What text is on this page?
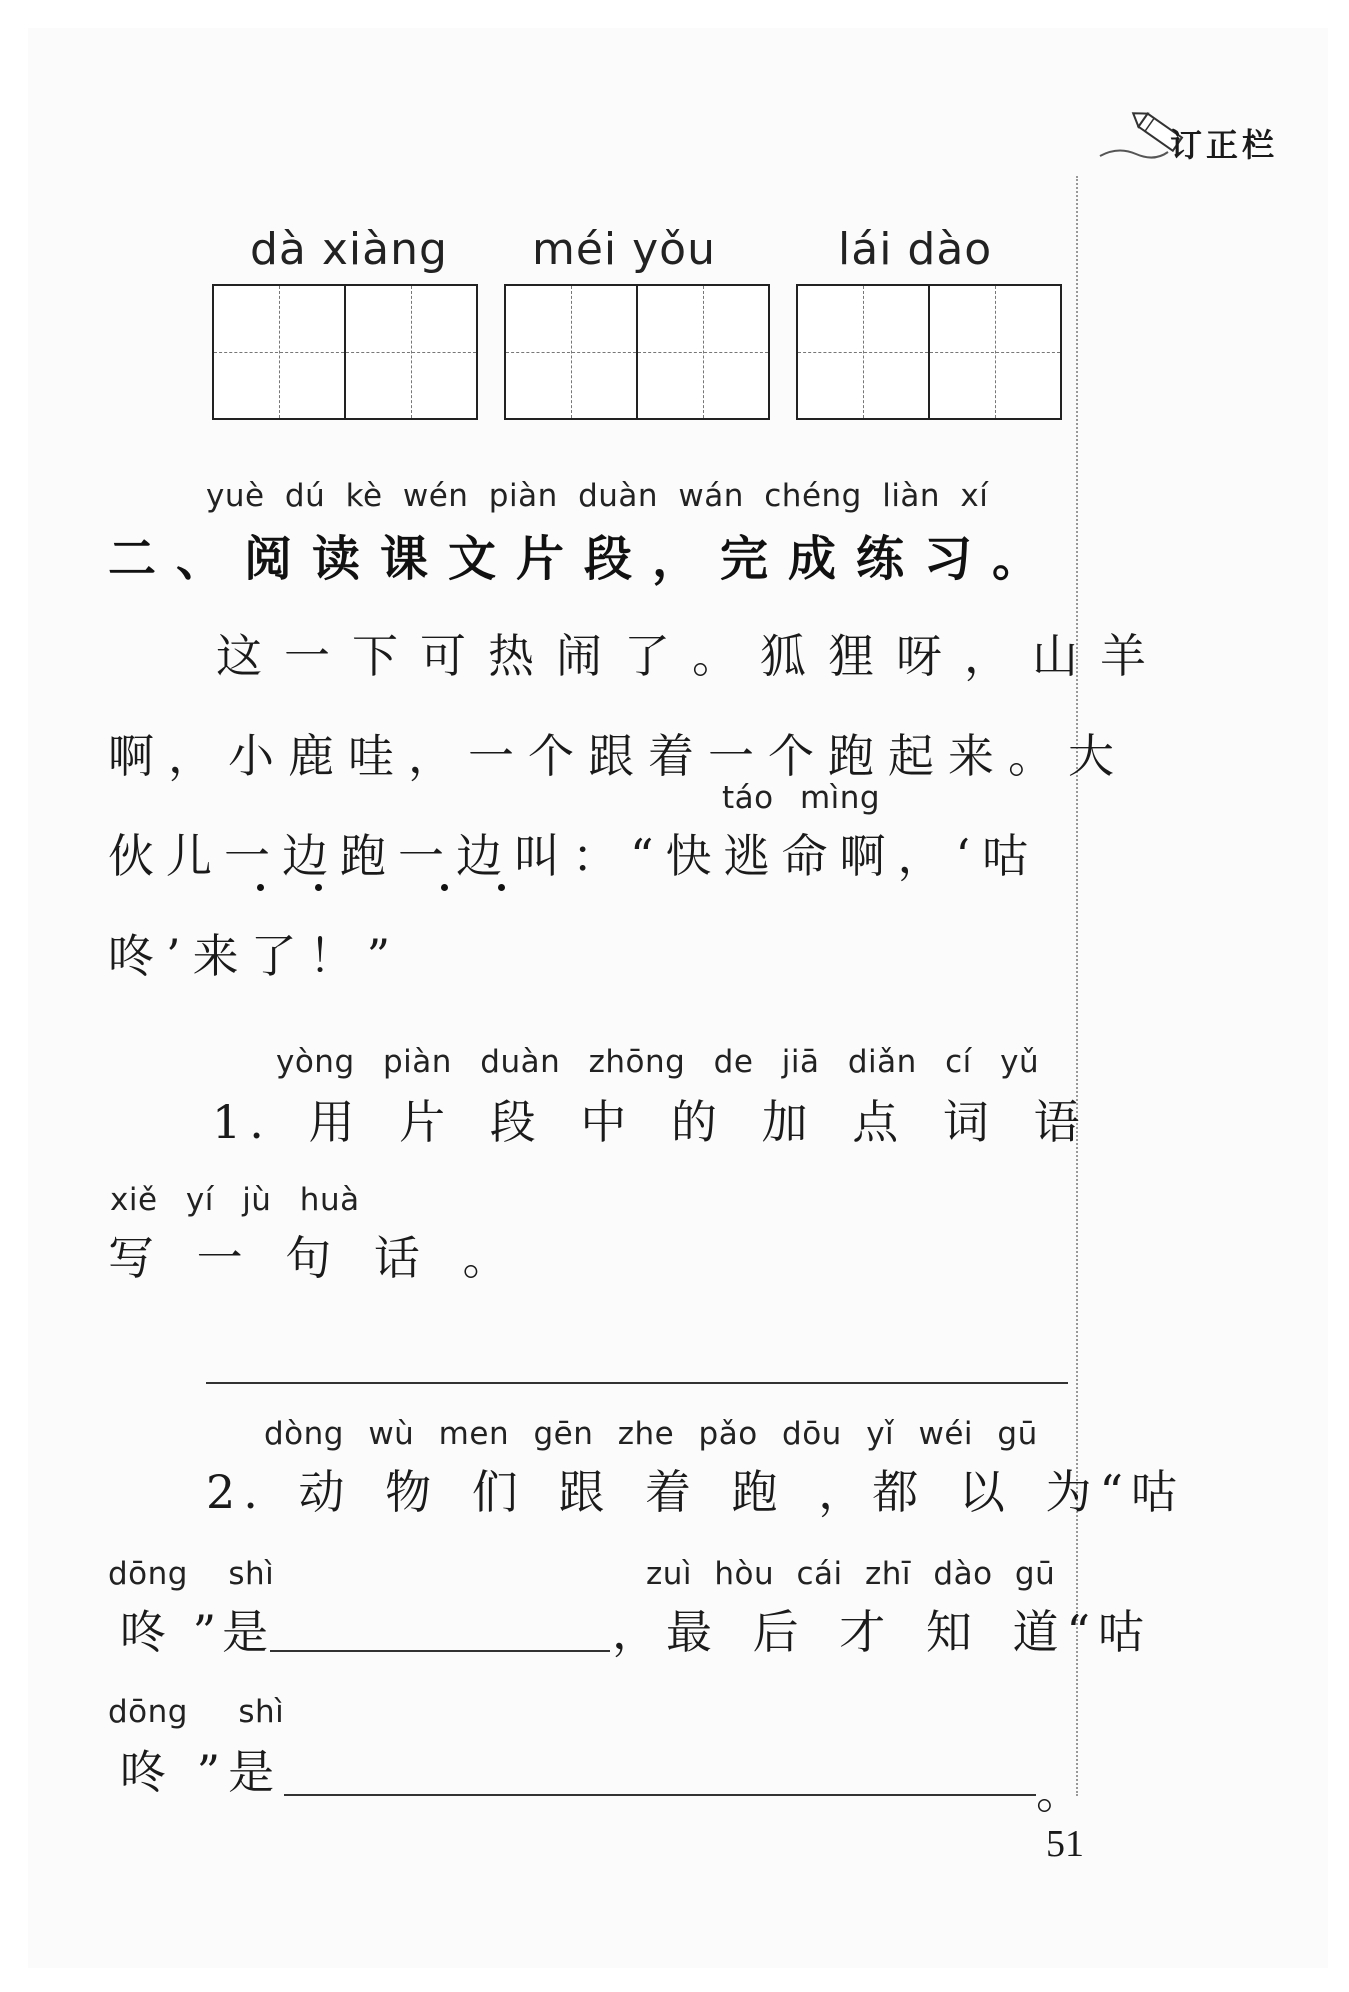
订正栏
dà xiàng méi yǒu	lái dào
yuè dú kè wén piàn duàn wán chéng liàn xí
二、阅读课文片段，完成练习。
这一下可热闹了。狐狸呀，山羊
啊，小鹿哇，一个跟着一个跑起来。大
táo mìng
伙儿一边跑一边叫：“快逃命啊，‘咕
咚’来了！”
yòng piàn duàn zhōng de jiā diǎn cí yǔ
1. 用 片 段 中 的 加 点 词 语
xiě yí jù huà
写 一 句 话 。
dòng wù men gēn zhe pǎo dōu yǐ wéi gū
2. 动 物 们 跟 着 跑 ，都 以 为“咕
dōng shì
咚 ”是
zuì hòu cái zhī dào gū
，最 后 才 知 道“咕
dōng shì
咚 ”是	。
51
